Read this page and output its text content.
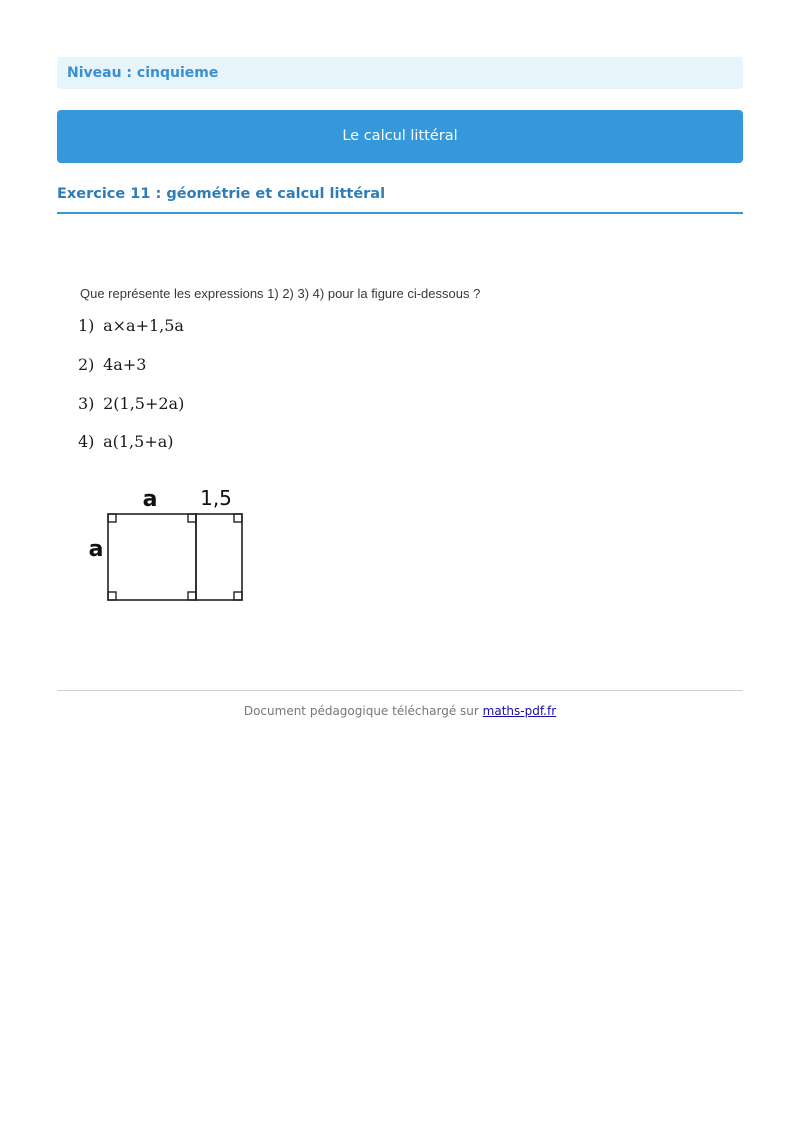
Niveau : cinquieme
Le calcul littéral
Exercice 11 : géométrie et calcul littéral
Que représente les expressions 1) 2) 3) 4) pour la figure ci-dessous ?
1) a×a+1,5a
2) 4a+3
3) 2(1,5+2a)
4) a(1,5+a)
a 1,5
a
Document pédagogique téléchargé sur maths-pdf.fr
